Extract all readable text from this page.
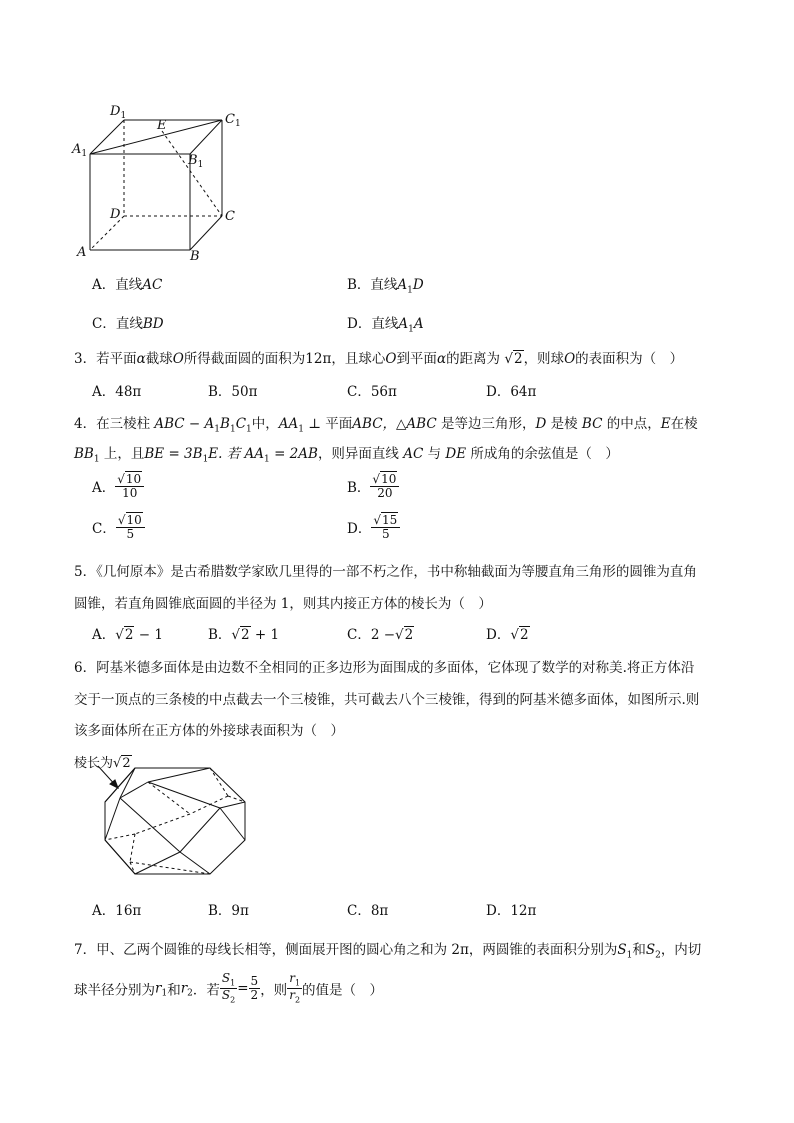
$D_1$	$C_1$
E
$A_1$	$B_1$
D	C
A	B
A．直线AC	B．直线$A_1D$
C．直线BD	D．直线$A_1A$
3．若平面α截球O所得截面圆的面积为12π，且球心O到平面α的距离为 √2，则球O的表面积为（　）
A．48π	B．50π	C．56π	D．64π
4．在三棱柱 ABC − $A_1B_1C_1$中，$AA_1$ ⊥ 平面ABC，△ABC 是等边三角形，D 是棱 BC 的中点，E在棱
$BB_1$ 上，且BE = $3B_1E$. 若 $AA_1 = 2AB$，则异面直线 AC 与 DE 所成角的余弦值是（　）
A． $\frac{√10}{10}$	B． $\frac{√10}{20}$
C． $\frac{√10}{5}$	D． $\frac{√15}{5}$
5．《几何原本》是古希腊数学家欧几里得的一部不朽之作，书中称轴截面为等腰直角三角形的圆锥为直角
圆锥，若直角圆锥底面圆的半径为 1，则其内接正方体的棱长为（　）
A．√2 − 1	B．√2 + 1	C．2 −√2	D．√2
6．阿基米德多面体是由边数不全相同的正多边形为面围成的多面体，它体现了数学的对称美.将正方体沿
交于一顶点的三条棱的中点截去一个三棱锥，共可截去八个三棱锥，得到的阿基米德多面体，如图所示.则
该多面体所在正方体的外接球表面积为（　）
棱长为√2
A．16π	B．9π	C．8π	D．12π
7．甲、乙两个圆锥的母线长相等，侧面展开图的圆心角之和为 2π，两圆锥的表面积分别为$S_1$和$S_2$，内切
球半径分别为$r_1$和$r_2$．若 $\frac{S_1}{S_2} = \frac{5}{2}$ ，则 $\frac{r_1}{r_2}$ 的值是（　）
